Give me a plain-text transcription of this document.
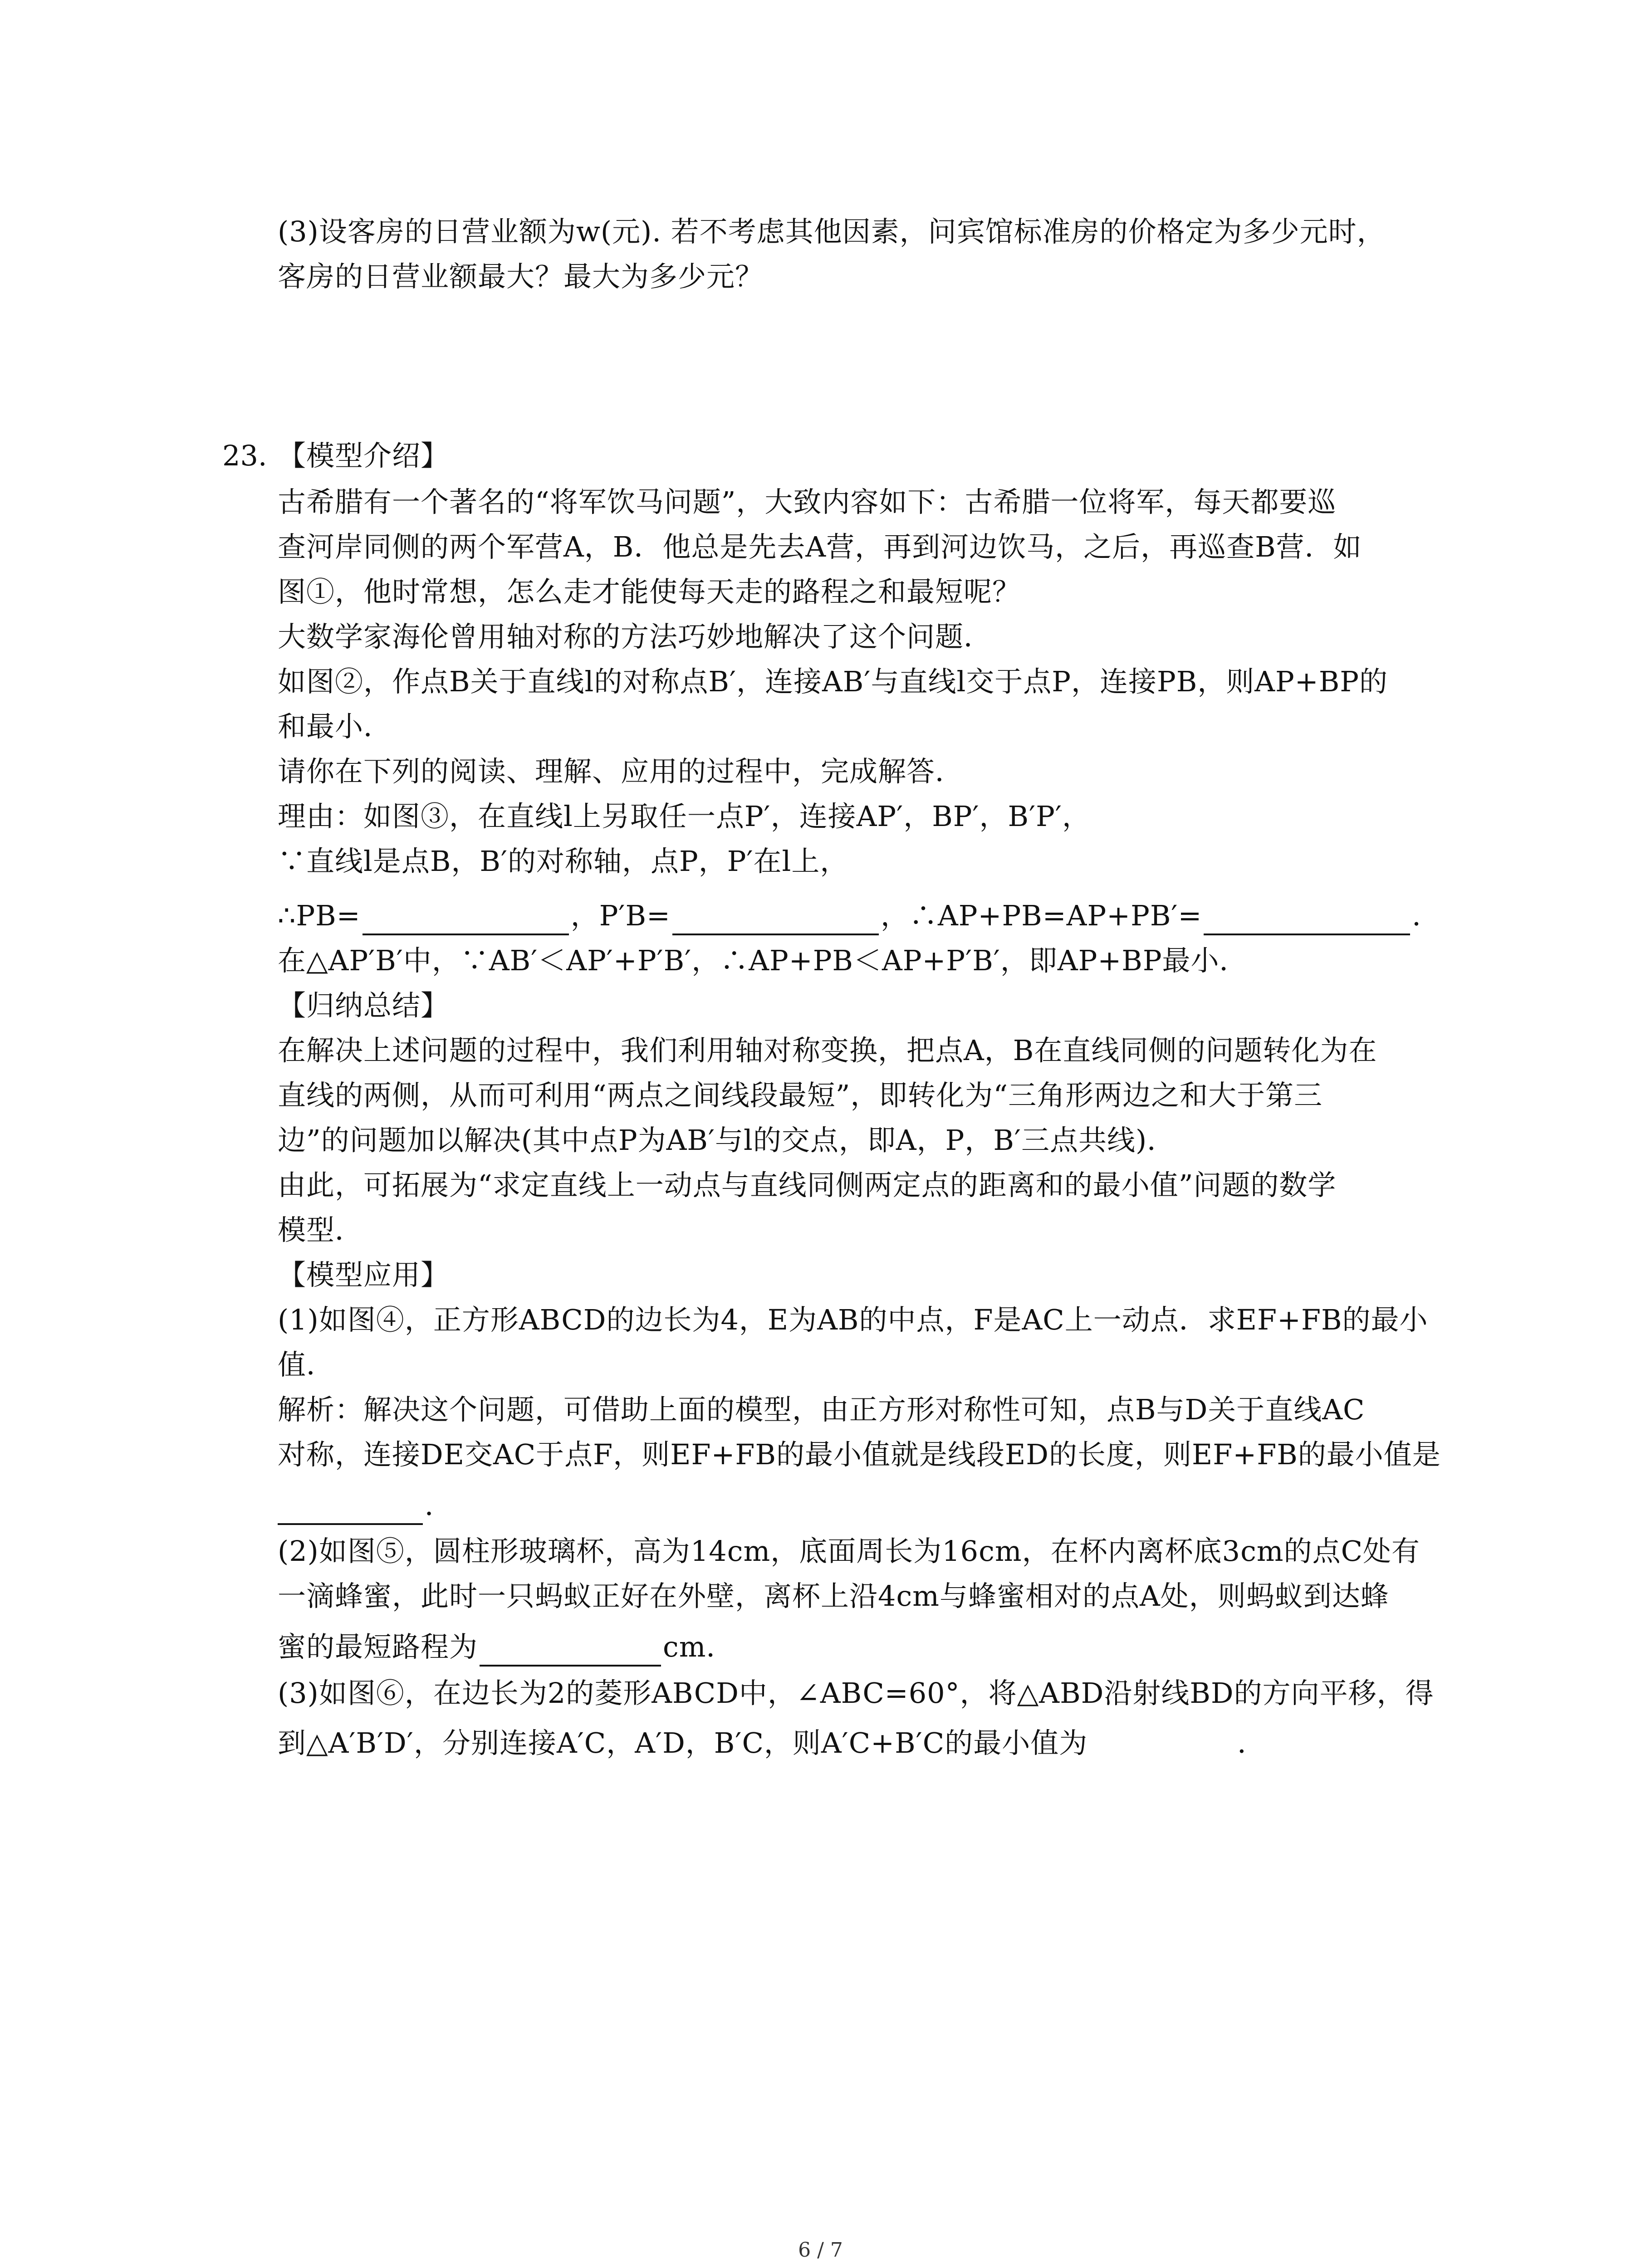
(3)设客房的日营业额为w(元). 若不考虑其他因素，问宾馆标准房的价格定为多少元时，
客房的日营业额最大？最大为多少元？
23. 【模型介绍】
古希腊有一个著名的“将军饮马问题”，大致内容如下：古希腊一位将军，每天都要巡
查河岸同侧的两个军营A，B．他总是先去A营，再到河边饮马，之后，再巡查B营．如
图①，他时常想，怎么走才能使每天走的路程之和最短呢？
大数学家海伦曾用轴对称的方法巧妙地解决了这个问题．
如图②，作点B关于直线l的对称点B′，连接AB′与直线l交于点P，连接PB，则AP+BP的
和最小．
请你在下列的阅读、理解、应用的过程中，完成解答．
理由：如图③，在直线l上另取任一点P′，连接AP′，BP′，B′P′，
∵直线l是点B，B′的对称轴，点P，P′在l上，
∴PB=	，P′B=	，∴AP+PB=AP+PB′=	．
在△AP′B′中，∵AB′＜AP′+P′B′，∴AP+PB＜AP+P′B′，即AP+BP最小．
【归纳总结】
在解决上述问题的过程中，我们利用轴对称变换，把点A，B在直线同侧的问题转化为在
直线的两侧，从而可利用“两点之间线段最短”，即转化为“三角形两边之和大于第三
边”的问题加以解决(其中点P为AB′与l的交点，即A，P，B′三点共线)．
由此，可拓展为“求定直线上一动点与直线同侧两定点的距离和的最小值”问题的数学
模型．
【模型应用】
(1)如图④，正方形ABCD的边长为4，E为AB的中点，F是AC上一动点．求EF+FB的最小
值．
解析：解决这个问题，可借助上面的模型，由正方形对称性可知，点B与D关于直线AC
对称，连接DE交AC于点F，则EF+FB的最小值就是线段ED的长度，则EF+FB的最小值是
．
(2)如图⑤，圆柱形玻璃杯，高为14cm，底面周长为16cm，在杯内离杯底3cm的点C处有
一滴蜂蜜，此时一只蚂蚁正好在外壁，离杯上沿4cm与蜂蜜相对的点A处，则蚂蚁到达蜂
蜜的最短路程为	cm．
(3)如图⑥，在边长为2的菱形ABCD中，∠ABC=60°，将△ABD沿射线BD的方向平移，得
到△A′B′D′，分别连接A′C，A′D，B′C，则A′C+B′C的最小值为	．
6 / 7
